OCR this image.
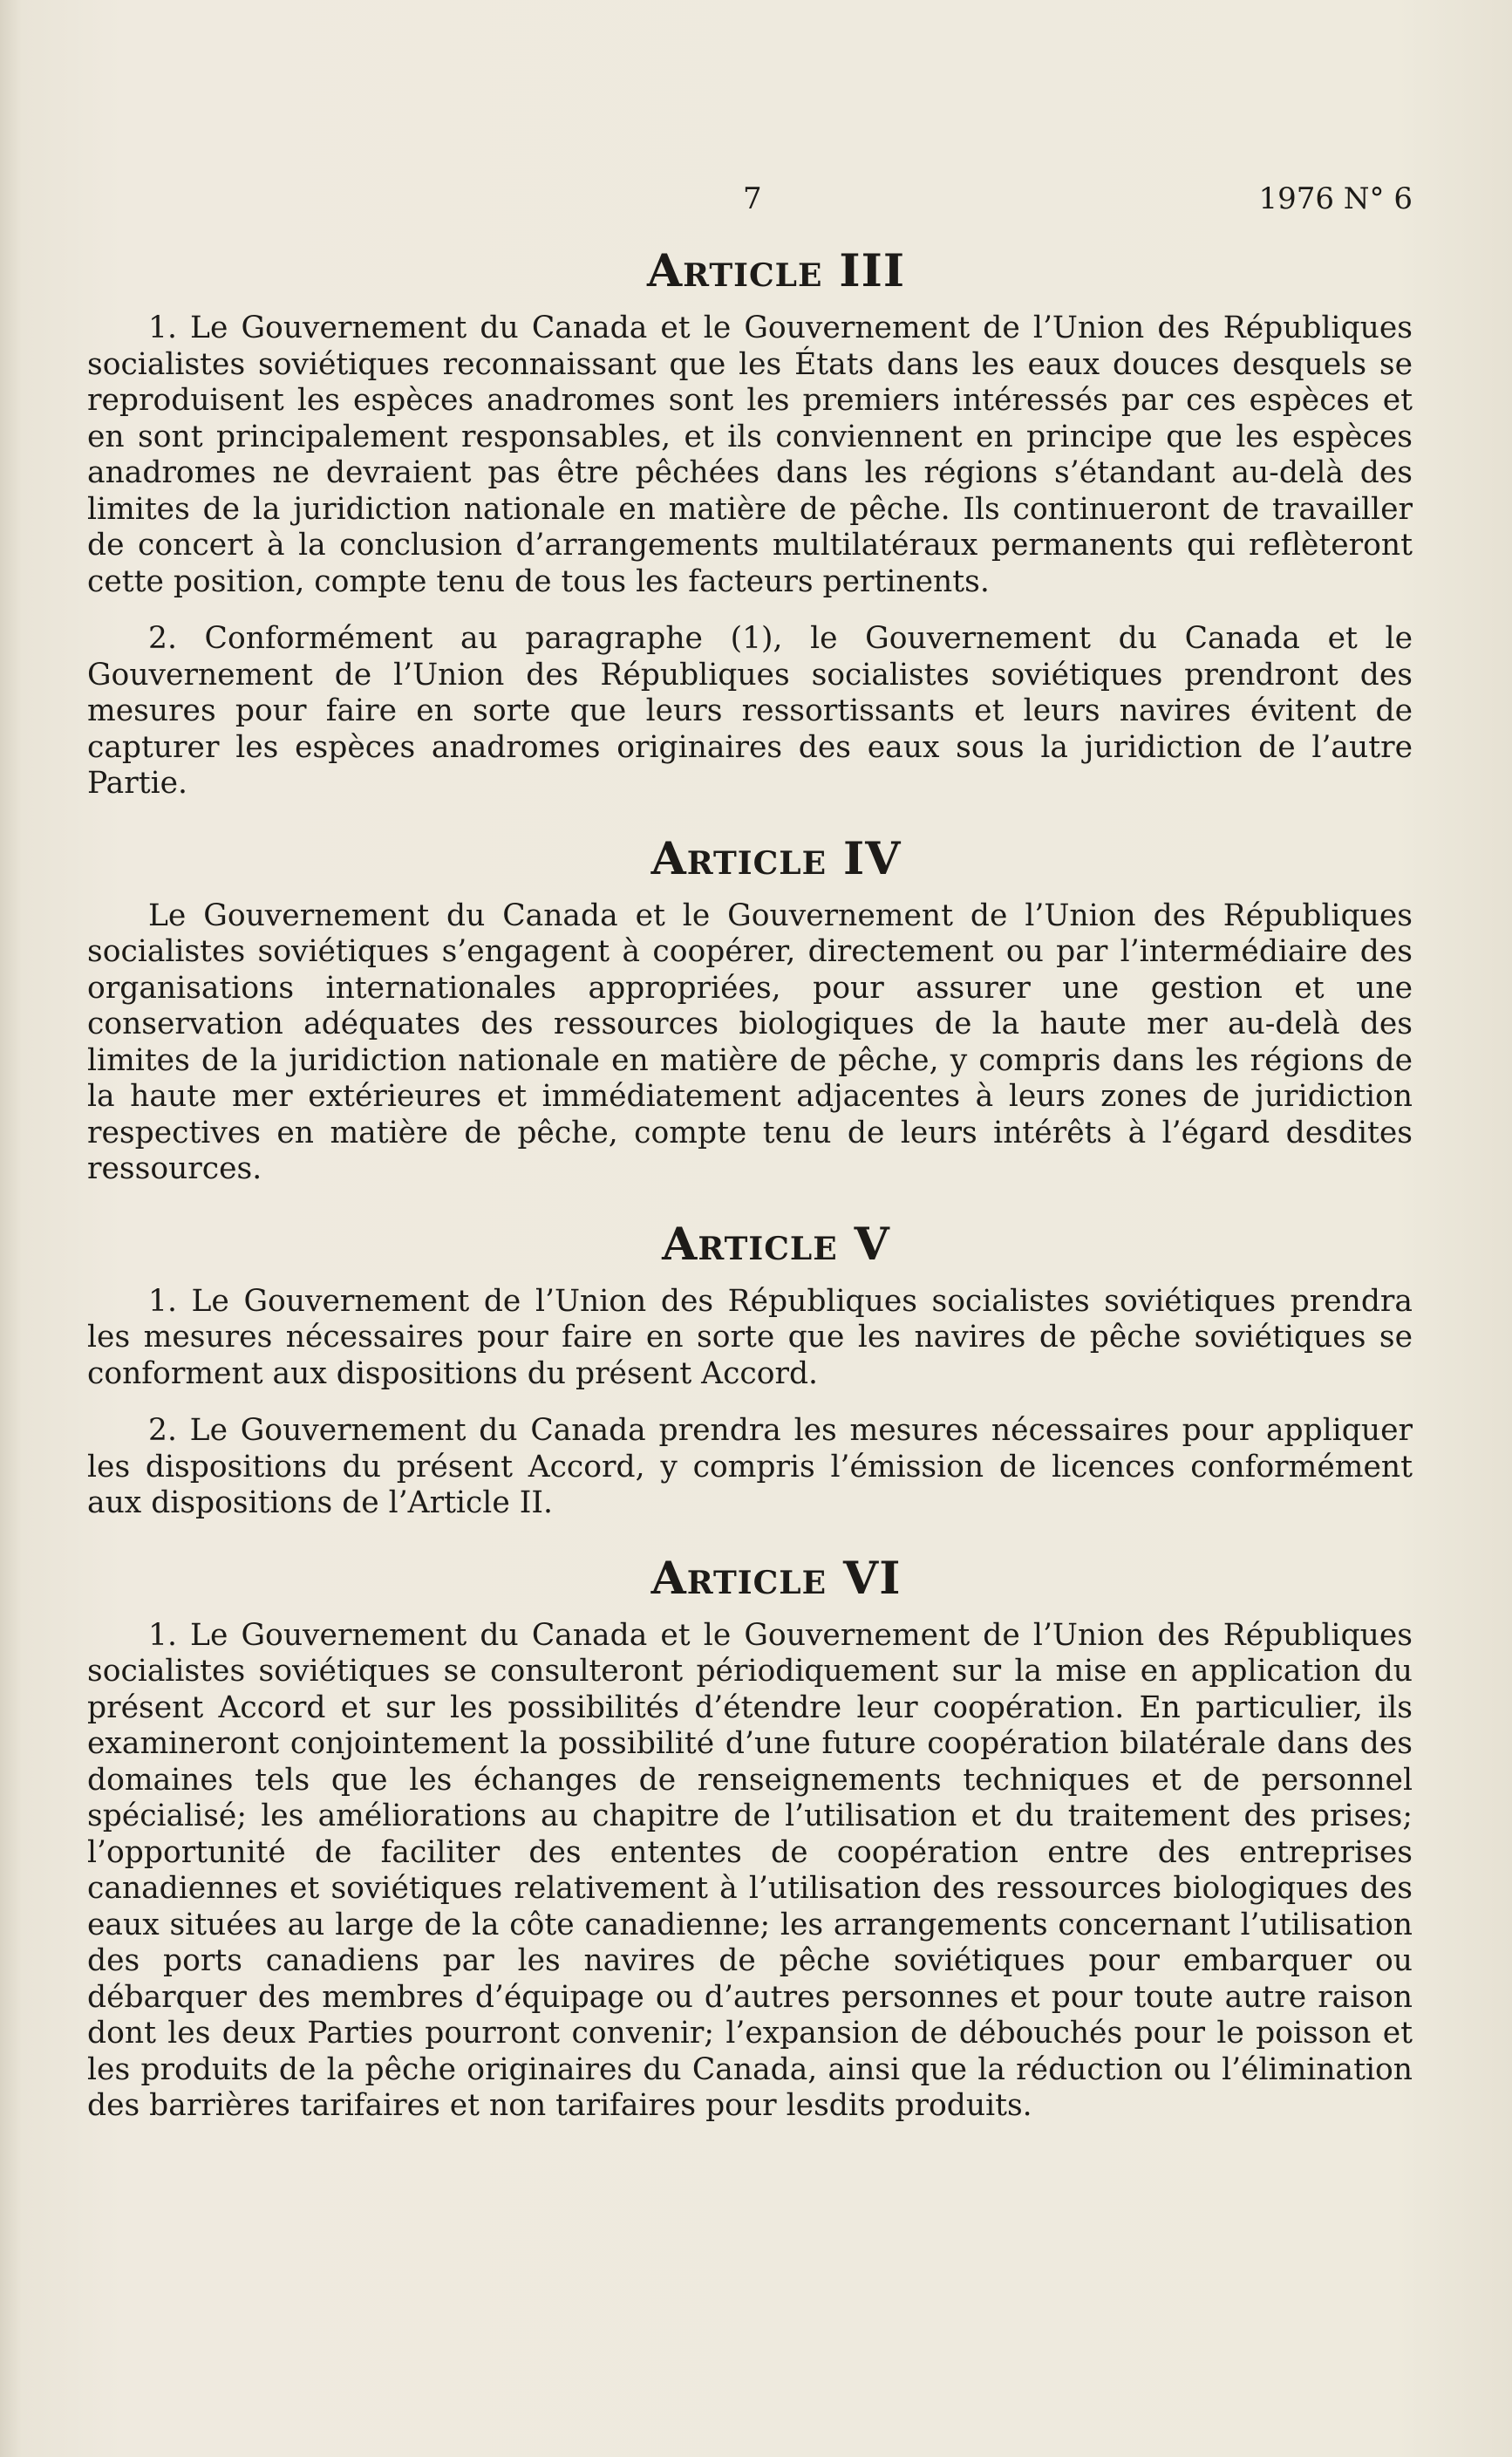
7	1976 N° 6
Article III

1. Le Gouvernement du Canada et le Gouvernement de l’Union des Républiques socialistes soviétiques reconnaissant que les États dans les eaux douces desquels se reproduisent les espèces anadromes sont les premiers intéressés par ces espèces et en sont principalement responsables, et ils conviennent en principe que les espèces anadromes ne devraient pas être pêchées dans les régions s’étandant au-delà des limites de la juridiction nationale en matière de pêche. Ils continueront de travailler de concert à la conclusion d’arrangements multilatéraux permanents qui reflèteront cette position, compte tenu de tous les facteurs pertinents.

2. Conformément au paragraphe (1), le Gouvernement du Canada et le Gouvernement de l’Union des Républiques socialistes soviétiques prendront des mesures pour faire en sorte que leurs ressortissants et leurs navires évitent de capturer les espèces anadromes originaires des eaux sous la juridiction de l’autre Partie.

Article IV

Le Gouvernement du Canada et le Gouvernement de l’Union des Républiques socialistes soviétiques s’engagent à coopérer, directement ou par l’intermédiaire des organisations internationales appropriées, pour assurer une gestion et une conservation adéquates des ressources biologiques de la haute mer au-delà des limites de la juridiction nationale en matière de pêche, y compris dans les régions de la haute mer extérieures et immédiatement adjacentes à leurs zones de juridiction respectives en matière de pêche, compte tenu de leurs intérêts à l’égard desdites ressources.

Article V

1. Le Gouvernement de l’Union des Républiques socialistes soviétiques prendra les mesures nécessaires pour faire en sorte que les navires de pêche soviétiques se conforment aux dispositions du présent Accord.

2. Le Gouvernement du Canada prendra les mesures nécessaires pour appliquer les dispositions du présent Accord, y compris l’émission de licences conformément aux dispositions de l’Article II.

Article VI

1. Le Gouvernement du Canada et le Gouvernement de l’Union des Républiques socialistes soviétiques se consulteront périodiquement sur la mise en application du présent Accord et sur les possibilités d’étendre leur coopération. En particulier, ils examineront conjointement la possibilité d’une future coopération bilatérale dans des domaines tels que les échanges de renseignements techniques et de personnel spécialisé; les améliorations au chapitre de l’utilisation et du traitement des prises; l’opportunité de faciliter des ententes de coopération entre des entreprises canadiennes et soviétiques relativement à l’utilisation des ressources biologiques des eaux situées au large de la côte canadienne; les arrangements concernant l’utilisation des ports canadiens par les navires de pêche soviétiques pour embarquer ou débarquer des membres d’équipage ou d’autres personnes et pour toute autre raison dont les deux Parties pourront convenir; l’expansion de débouchés pour le poisson et les produits de la pêche originaires du Canada, ainsi que la réduction ou l’élimination des barrières tarifaires et non tarifaires pour lesdits produits.
